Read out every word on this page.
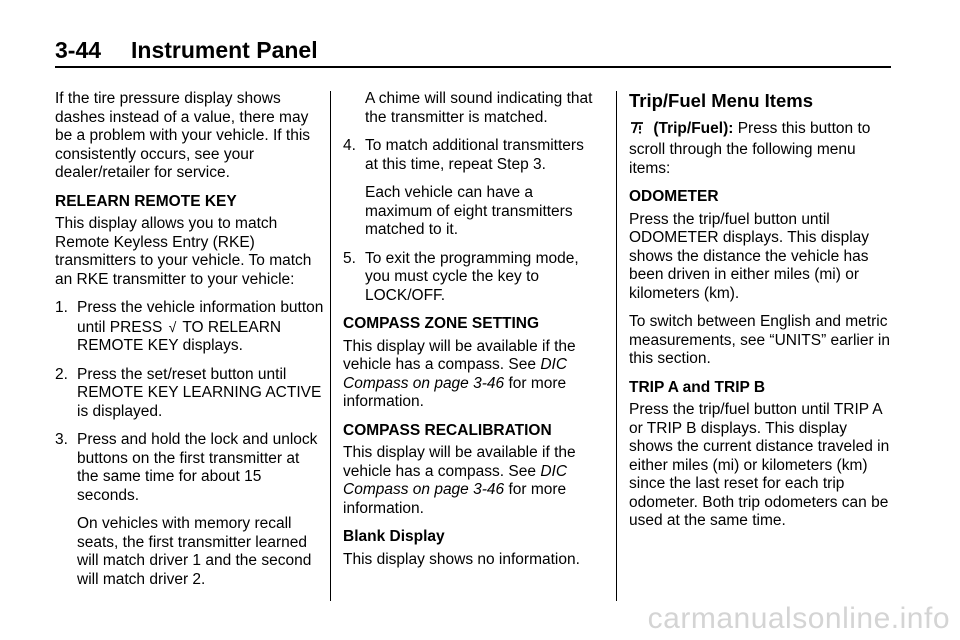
3-44 Instrument Panel

If the tire pressure display shows dashes instead of a value, there may be a problem with your vehicle. If this consistently occurs, see your dealer/retailer for service.

RELEARN REMOTE KEY

This display allows you to match Remote Keyless Entry (RKE) transmitters to your vehicle. To match an RKE transmitter to your vehicle:

1. Press the vehicle information button until PRESS √ TO RELEARN REMOTE KEY displays.
2. Press the set/reset button until REMOTE KEY LEARNING ACTIVE is displayed.
3. Press and hold the lock and unlock buttons on the first transmitter at the same time for about 15 seconds.

On vehicles with memory recall seats, the first transmitter learned will match driver 1 and the second will match driver 2.

A chime will sound indicating that the transmitter is matched.

4. To match additional transmitters at this time, repeat Step 3.

Each vehicle can have a maximum of eight transmitters matched to it.

5. To exit the programming mode, you must cycle the key to LOCK/OFF.
COMPASS ZONE SETTING

This display will be available if the vehicle has a compass. See DIC Compass on page 3-46 for more information.

COMPASS RECALIBRATION

This display will be available if the vehicle has a compass. See DIC Compass on page 3-46 for more information.

Blank Display

This display shows no information.

Trip/Fuel Menu Items

(Trip/Fuel): Press this button to scroll through the following menu items:

ODOMETER

Press the trip/fuel button until ODOMETER displays. This display shows the distance the vehicle has been driven in either miles (mi) or kilometers (km).

To switch between English and metric measurements, see “UNITS” earlier in this section.

TRIP A and TRIP B

Press the trip/fuel button until TRIP A or TRIP B displays. This display shows the current distance traveled in either miles (mi) or kilometers (km) since the last reset for each trip odometer. Both trip odometers can be used at the same time.

carmanualsonline.info
